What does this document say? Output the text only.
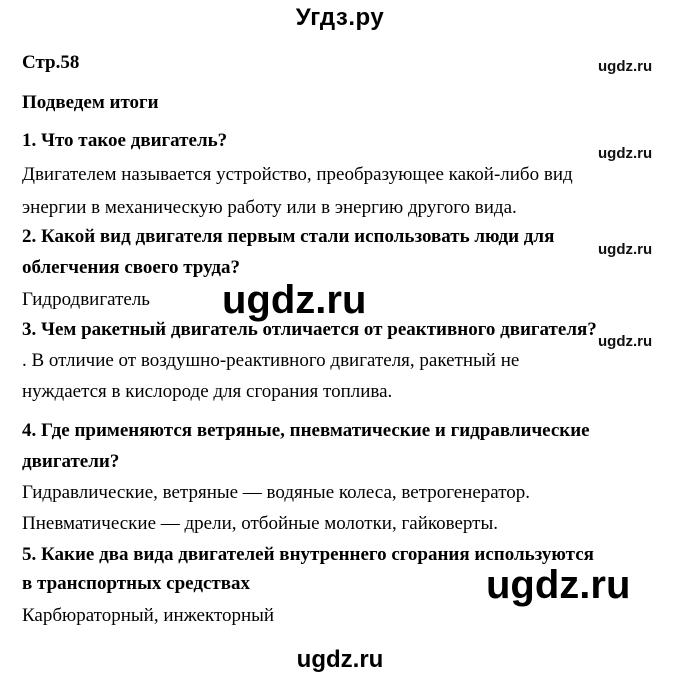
Угдз.ру
Стр.58
Подведем итоги
1. Что такое двигатель?
Двигателем называется устройство, преобразующее какой-либо вид
энергии в механическую работу или в энергию другого вида.
2. Какой вид двигателя первым стали использовать люди для
облегчения своего труда?
Гидродвигатель
3. Чем ракетный двигатель отличается от реактивного двигателя?
. В отличие от воздушно-реактивного двигателя, ракетный не
нуждается в кислороде для сгорания топлива.
4. Где применяются ветряные, пневматические и гидравлические
двигатели?
Гидравлические, ветряные — водяные колеса, ветрогенератор.
Пневматические — дрели, отбойные молотки, гайковерты.
5. Какие два вида двигателей внутреннего сгорания используются
в транспортных средствах
Карбюраторный, инжекторный
ugdz.ru
ugdz.ru
ugdz.ru
ugdz.ru
ugdz.ru
ugdz.ru
ugdz.ru
